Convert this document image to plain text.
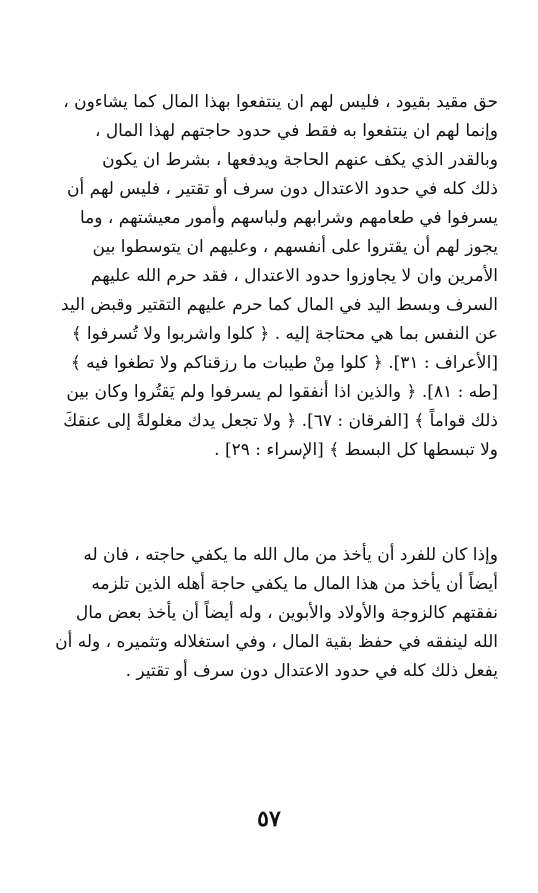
حق مقيد بقيود ، فليس لهم ان ينتفعوا بهذا المال كما يشاءون ،
وإنما لهم ان ينتفعوا به فقط في حدود حاجتهم لهذا المال ،
وبالقدر الذي يكف عنهم الحاجة ويدفعها ، بشرط ان يكون
ذلك كله في حدود الاعتدال دون سرف أو تقتير ، فليس لهم أن
يسرفوا في طعامهم وشرابهم ولباسهم وأمور معيشتهم ، وما
يجوز لهم أن يقتروا على أنفسهم ، وعليهم ان يتوسطوا بين
الأمرين وان لا يجاوزوا حدود الاعتدال ، فقد حرم الله عليهم
السرف وبسط اليد في المال كما حرم عليهم التقتير وقبض اليد
عن النفس بما هي محتاجة إليه . ﴿ كلوا واشربوا ولا تُسرفوا ﴾
[الأعراف : ٣١]. ﴿ كلوا مِنْ طيبات ما رزقناكم ولا تطغوا فيه ﴾
[طه : ٨١]. ﴿ والذين اذا أنفقوا لم يسرفوا ولم يَقتُروا وكان بين
ذلك قواماً ﴾ [الفرقان : ٦٧]. ﴿ ولا تجعل يدك مغلولةً إلى عنقكَ
ولا تبسطها كل البسط ﴾ [الإسراء : ٢٩] .
وإذا كان للفرد أن يأخذ من مال الله ما يكفي حاجته ، فان له
أيضاً أن يأخذ من هذا المال ما يكفي حاجة أهله الذين تلزمه
نفقتهم كالزوجة والأولاد والأبوين ، وله أيضاً أن يأخذ بعض مال
الله لينفقه في حفظ بقية المال ، وفي استغلاله وتثميره ، وله أن
يفعل ذلك كله في حدود الاعتدال دون سرف أو تقتير .
٥٧
